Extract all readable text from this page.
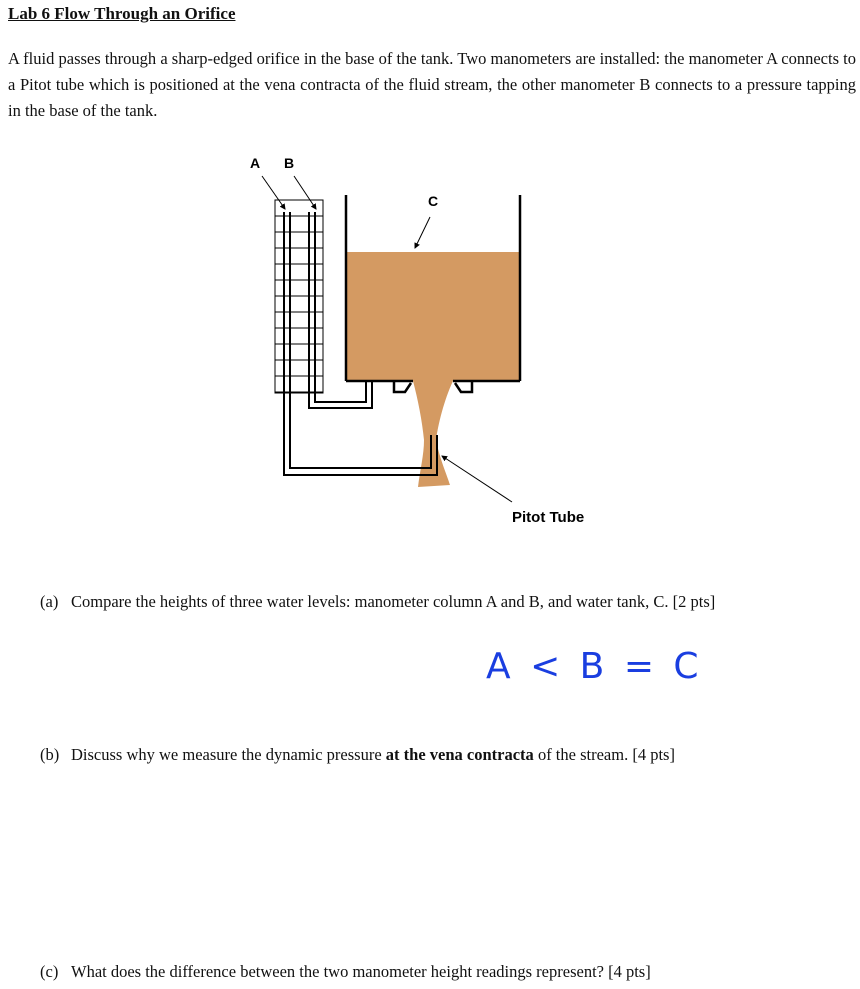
Lab 6 Flow Through an Orifice
A fluid passes through a sharp-edged orifice in the base of the tank. Two manometers are installed: the manometer A connects to a Pitot tube which is positioned at the vena contracta of the fluid stream, the other manometer B connects to a pressure tapping in the base of the tank.
A B
C
Pitot Tube
(a) Compare the heights of three water levels: manometer column A and B, and water tank, C. [2 pts]
A < B = C
(b) Discuss why we measure the dynamic pressure at the vena contracta of the stream. [4 pts]
(c) What does the difference between the two manometer height readings represent? [4 pts]
